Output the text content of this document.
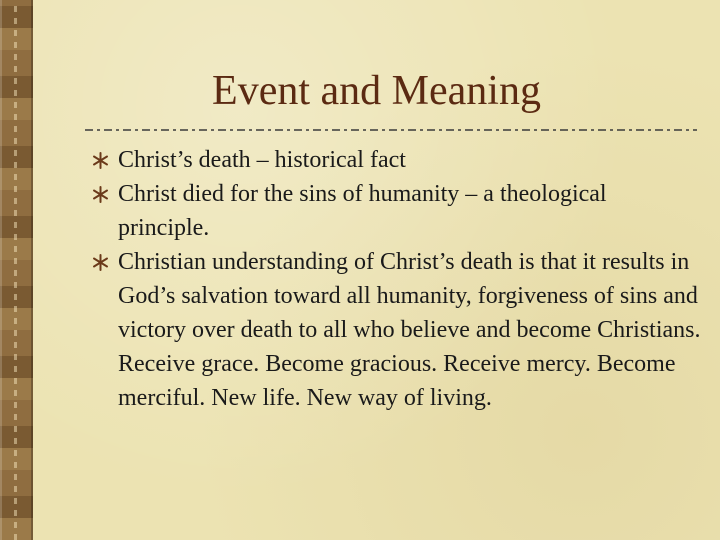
Event and Meaning
Christ’s death – historical fact
Christ died for the sins of humanity – a theological principle.
Christian understanding of Christ’s death is that it results in God’s salvation toward all humanity, forgiveness of sins and victory over death to all who believe and become Christians. Receive grace. Become gracious. Receive mercy. Become merciful. New life. New way of living.
